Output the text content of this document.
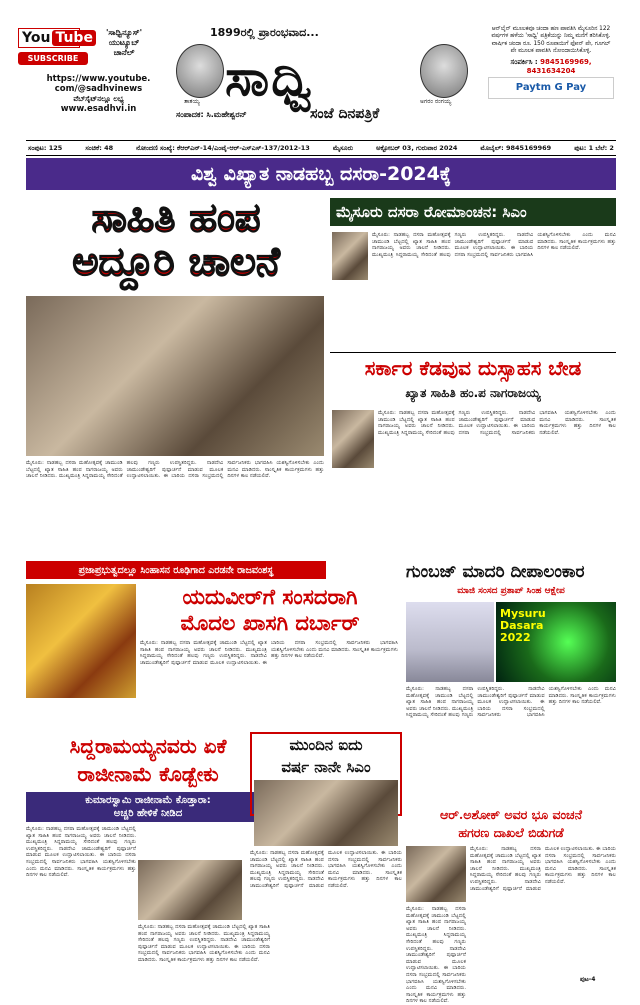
You Tube
SUBSCRIBE
'ಸಾಧ್ವಿನ್ಯೂಸ್'
ಯುಟ್ಯೂಬ್
ಚಾನೆಲ್
https://www.youtube.
com/@sadhvinews
ವೆಬ್‌ಸೈಟ್‌ನಲ್ಲೂ ಲಭ್ಯ
www.esadhvi.in
1899ರಲ್ಲಿ ಪ್ರಾರಂಭವಾದ...
ತಾತಯ್ಯ ಸಾಧ್ವಿ	ಅಗರಂ ರಂಗಯ್ಯ
ಸಂಪಾದಕ: ಸಿ.ಮಹೇಶ್ವರನ್	ಸಂಜೆ ದಿನಪತ್ರಿಕೆ
ಆನ್‌ಲೈನ್ ಮೂಲಕವೂ ಚಂದಾ ಹಣ ಪಾವತಿಸಿ ಮೈಸೂರಿನ 122 ವರ್ಷಗಳ ಹಳೆಯ 'ಸಾಧ್ವಿ' ಪತ್ರಿಕೆಯನ್ನು ನಿಮ್ಮ ಮನೆಗೆ ತರಿಸಿಕೊಳ್ಳಿ. ವಾರ್ಷಿಕ ಚಂದಾ ರೂ. 150 ರೂಪಾಯಿಗೆ ಫೋನ್ ಪೇ, ಗೂಗಲ್ ಪೇ ಮೂಲಕ ಪಾವತಿಸಿ ನೋಂದಾಯಿಸಿಕೊಳ್ಳಿ.
ಸಂಪರ್ಕಿಸಿ : 9845169969,
8431634204
Paytm G Pay
ಸಂಪುಟ: 125	ಸಂಚಿಕೆ: 48	ನೋಂದಣಿ ಸಂಖ್ಯೆ: ಕೆಆರ್‌ಎನ್-14/ಎಂವೈ-ಆರ್-ಎಸ್‌ಎಸ್-137/2012-13	ಮೈಸೂರು	ಅಕ್ಟೋಬರ್ 03, ಗುರುವಾರ 2024	ಮೊಬೈಲ್: 9845169969	ಪುಟ: 1 ಬೆಲೆ: 2
ವಿಶ್ವ ವಿಖ್ಯಾತ ನಾಡಹಬ್ಬ ದಸರಾ-2024ಕ್ಕೆ
ಸಾಹಿತಿ ಹಂಪ
ಅದ್ದೂರಿ ಚಾಲನೆ
ಮೈಸೂರು: ನಾಡಹಬ್ಬ ದಸರಾ ಮಹೋತ್ಸವಕ್ಕೆ ಚಾಮುಂಡಿ ಬೆಟ್ಟದಲ್ಲಿ ಖ್ಯಾತ ಸಾಹಿತಿ ಹಂಪ ನಾಗರಾಜಯ್ಯ ಅವರು ಚಾಲನೆ ನೀಡಿದರು. ಮುಖ್ಯಮಂತ್ರಿ ಸಿದ್ದರಾಮಯ್ಯ ಸೇರಿದಂತೆ ಹಲವು ಗಣ್ಯರು ಉಪಸ್ಥಿತರಿದ್ದರು. ನಾಡದೇವಿ ಚಾಮುಂಡೇಶ್ವರಿಗೆ ಪುಷ್ಪಾರ್ಚನೆ ಮಾಡುವ ಮೂಲಕ ಉದ್ಘಾಟಿಸಲಾಯಿತು. ಈ ಬಾರಿಯ ದಸರಾ ಸಂಭ್ರಮದಲ್ಲಿ ಸಾರ್ವಜನಿಕರು ಭಾಗವಹಿಸಿ ಯಶಸ್ವಿಗೊಳಿಸಬೇಕು ಎಂದು ಮನವಿ ಮಾಡಿದರು. ಸಾಂಸ್ಕೃತಿಕ ಕಾರ್ಯಕ್ರಮಗಳು ಹತ್ತು ದಿನಗಳ ಕಾಲ ನಡೆಯಲಿವೆ.
ಮೈಸೂರು ದಸರಾ ರೋಮಾಂಚನ: ಸಿಎಂ
ಮೈಸೂರು: ನಾಡಹಬ್ಬ ದಸರಾ ಮಹೋತ್ಸವಕ್ಕೆ ಚಾಮುಂಡಿ ಬೆಟ್ಟದಲ್ಲಿ ಖ್ಯಾತ ಸಾಹಿತಿ ಹಂಪ ನಾಗರಾಜಯ್ಯ ಅವರು ಚಾಲನೆ ನೀಡಿದರು. ಮುಖ್ಯಮಂತ್ರಿ ಸಿದ್ದರಾಮಯ್ಯ ಸೇರಿದಂತೆ ಹಲವು ಗಣ್ಯರು ಉಪಸ್ಥಿತರಿದ್ದರು. ನಾಡದೇವಿ ಚಾಮುಂಡೇಶ್ವರಿಗೆ ಪುಷ್ಪಾರ್ಚನೆ ಮಾಡುವ ಮೂಲಕ ಉದ್ಘಾಟಿಸಲಾಯಿತು. ಈ ಬಾರಿಯ ದಸರಾ ಸಂಭ್ರಮದಲ್ಲಿ ಸಾರ್ವಜನಿಕರು ಭಾಗವಹಿಸಿ ಯಶಸ್ವಿಗೊಳಿಸಬೇಕು ಎಂದು ಮನವಿ ಮಾಡಿದರು. ಸಾಂಸ್ಕೃತಿಕ ಕಾರ್ಯಕ್ರಮಗಳು ಹತ್ತು ದಿನಗಳ ಕಾಲ ನಡೆಯಲಿವೆ.
ಸರ್ಕಾರ ಕೆಡವುವ ದುಸ್ಸಾಹಸ ಬೇಡ
ಖ್ಯಾತ ಸಾಹಿತಿ ಹಂ.ಪ ನಾಗರಾಜಯ್ಯ
ಮೈಸೂರು: ನಾಡಹಬ್ಬ ದಸರಾ ಮಹೋತ್ಸವಕ್ಕೆ ಚಾಮುಂಡಿ ಬೆಟ್ಟದಲ್ಲಿ ಖ್ಯಾತ ಸಾಹಿತಿ ಹಂಪ ನಾಗರಾಜಯ್ಯ ಅವರು ಚಾಲನೆ ನೀಡಿದರು. ಮುಖ್ಯಮಂತ್ರಿ ಸಿದ್ದರಾಮಯ್ಯ ಸೇರಿದಂತೆ ಹಲವು ಗಣ್ಯರು ಉಪಸ್ಥಿತರಿದ್ದರು. ನಾಡದೇವಿ ಚಾಮುಂಡೇಶ್ವರಿಗೆ ಪುಷ್ಪಾರ್ಚನೆ ಮಾಡುವ ಮೂಲಕ ಉದ್ಘಾಟಿಸಲಾಯಿತು. ಈ ಬಾರಿಯ ದಸರಾ ಸಂಭ್ರಮದಲ್ಲಿ ಸಾರ್ವಜನಿಕರು ಭಾಗವಹಿಸಿ ಯಶಸ್ವಿಗೊಳಿಸಬೇಕು ಎಂದು ಮನವಿ ಮಾಡಿದರು. ಸಾಂಸ್ಕೃತಿಕ ಕಾರ್ಯಕ್ರಮಗಳು ಹತ್ತು ದಿನಗಳ ಕಾಲ ನಡೆಯಲಿವೆ.
ಪ್ರಜಾಪ್ರಭುತ್ವದಲ್ಲೂ ಸಿಂಹಾಸನ ರೂಢಿಗಾದ ಎರಡನೇ ರಾಜವಂಶಸ್ಥ
ಯದುವೀರ್‌ಗೆ ಸಂಸದರಾಗಿ
ಮೊದಲ ಖಾಸಗಿ ದರ್ಬಾರ್
ಮೈಸೂರು: ನಾಡಹಬ್ಬ ದಸರಾ ಮಹೋತ್ಸವಕ್ಕೆ ಚಾಮುಂಡಿ ಬೆಟ್ಟದಲ್ಲಿ ಖ್ಯಾತ ಸಾಹಿತಿ ಹಂಪ ನಾಗರಾಜಯ್ಯ ಅವರು ಚಾಲನೆ ನೀಡಿದರು. ಮುಖ್ಯಮಂತ್ರಿ ಸಿದ್ದರಾಮಯ್ಯ ಸೇರಿದಂತೆ ಹಲವು ಗಣ್ಯರು ಉಪಸ್ಥಿತರಿದ್ದರು. ನಾಡದೇವಿ ಚಾಮುಂಡೇಶ್ವರಿಗೆ ಪುಷ್ಪಾರ್ಚನೆ ಮಾಡುವ ಮೂಲಕ ಉದ್ಘಾಟಿಸಲಾಯಿತು. ಈ ಬಾರಿಯ ದಸರಾ ಸಂಭ್ರಮದಲ್ಲಿ ಸಾರ್ವಜನಿಕರು ಭಾಗವಹಿಸಿ ಯಶಸ್ವಿಗೊಳಿಸಬೇಕು ಎಂದು ಮನವಿ ಮಾಡಿದರು. ಸಾಂಸ್ಕೃತಿಕ ಕಾರ್ಯಕ್ರಮಗಳು ಹತ್ತು ದಿನಗಳ ಕಾಲ ನಡೆಯಲಿವೆ.
ಗುಂಬಜ್ ಮಾದರಿ ದೀಪಾಲಂಕಾರ
ಮಾಜಿ ಸಂಸದ ಪ್ರತಾಪ್ ಸಿಂಹ ಆಕ್ಷೇಪ
Mysuru
Dasara
2022
ಮೈಸೂರು: ನಾಡಹಬ್ಬ ದಸರಾ ಮಹೋತ್ಸವಕ್ಕೆ ಚಾಮುಂಡಿ ಬೆಟ್ಟದಲ್ಲಿ ಖ್ಯಾತ ಸಾಹಿತಿ ಹಂಪ ನಾಗರಾಜಯ್ಯ ಅವರು ಚಾಲನೆ ನೀಡಿದರು. ಮುಖ್ಯಮಂತ್ರಿ ಸಿದ್ದರಾಮಯ್ಯ ಸೇರಿದಂತೆ ಹಲವು ಗಣ್ಯರು ಉಪಸ್ಥಿತರಿದ್ದರು. ನಾಡದೇವಿ ಚಾಮುಂಡೇಶ್ವರಿಗೆ ಪುಷ್ಪಾರ್ಚನೆ ಮಾಡುವ ಮೂಲಕ ಉದ್ಘಾಟಿಸಲಾಯಿತು. ಈ ಬಾರಿಯ ದಸರಾ ಸಂಭ್ರಮದಲ್ಲಿ ಸಾರ್ವಜನಿಕರು ಭಾಗವಹಿಸಿ ಯಶಸ್ವಿಗೊಳಿಸಬೇಕು ಎಂದು ಮನವಿ ಮಾಡಿದರು. ಸಾಂಸ್ಕೃತಿಕ ಕಾರ್ಯಕ್ರಮಗಳು ಹತ್ತು ದಿನಗಳ ಕಾಲ ನಡೆಯಲಿವೆ.
ಸಿದ್ದರಾಮಯ್ಯನವರು ಏಕೆ
ರಾಜೀನಾಮೆ ಕೊಡ್ಬೇಕು
ಕುಮಾರಸ್ವಾಮಿ ರಾಜೀನಾಮೆ ಕೊಡ್ತಾರಾ:
ಅಚ್ಚರಿ ಹೇಳಿಕೆ ನೀಡಿದ
ಮೈಸೂರು: ನಾಡಹಬ್ಬ ದಸರಾ ಮಹೋತ್ಸವಕ್ಕೆ ಚಾಮುಂಡಿ ಬೆಟ್ಟದಲ್ಲಿ ಖ್ಯಾತ ಸಾಹಿತಿ ಹಂಪ ನಾಗರಾಜಯ್ಯ ಅವರು ಚಾಲನೆ ನೀಡಿದರು. ಮುಖ್ಯಮಂತ್ರಿ ಸಿದ್ದರಾಮಯ್ಯ ಸೇರಿದಂತೆ ಹಲವು ಗಣ್ಯರು ಉಪಸ್ಥಿತರಿದ್ದರು. ನಾಡದೇವಿ ಚಾಮುಂಡೇಶ್ವರಿಗೆ ಪುಷ್ಪಾರ್ಚನೆ ಮಾಡುವ ಮೂಲಕ ಉದ್ಘಾಟಿಸಲಾಯಿತು. ಈ ಬಾರಿಯ ದಸರಾ ಸಂಭ್ರಮದಲ್ಲಿ ಸಾರ್ವಜನಿಕರು ಭಾಗವಹಿಸಿ ಯಶಸ್ವಿಗೊಳಿಸಬೇಕು ಎಂದು ಮನವಿ ಮಾಡಿದರು. ಸಾಂಸ್ಕೃತಿಕ ಕಾರ್ಯಕ್ರಮಗಳು ಹತ್ತು ದಿನಗಳ ಕಾಲ ನಡೆಯಲಿವೆ.
ಮೈಸೂರು: ನಾಡಹಬ್ಬ ದಸರಾ ಮಹೋತ್ಸವಕ್ಕೆ ಚಾಮುಂಡಿ ಬೆಟ್ಟದಲ್ಲಿ ಖ್ಯಾತ ಸಾಹಿತಿ ಹಂಪ ನಾಗರಾಜಯ್ಯ ಅವರು ಚಾಲನೆ ನೀಡಿದರು. ಮುಖ್ಯಮಂತ್ರಿ ಸಿದ್ದರಾಮಯ್ಯ ಸೇರಿದಂತೆ ಹಲವು ಗಣ್ಯರು ಉಪಸ್ಥಿತರಿದ್ದರು. ನಾಡದೇವಿ ಚಾಮುಂಡೇಶ್ವರಿಗೆ ಪುಷ್ಪಾರ್ಚನೆ ಮಾಡುವ ಮೂಲಕ ಉದ್ಘಾಟಿಸಲಾಯಿತು. ಈ ಬಾರಿಯ ದಸರಾ ಸಂಭ್ರಮದಲ್ಲಿ ಸಾರ್ವಜನಿಕರು ಭಾಗವಹಿಸಿ ಯಶಸ್ವಿಗೊಳಿಸಬೇಕು ಎಂದು ಮನವಿ ಮಾಡಿದರು. ಸಾಂಸ್ಕೃತಿಕ ಕಾರ್ಯಕ್ರಮಗಳು ಹತ್ತು ದಿನಗಳ ಕಾಲ ನಡೆಯಲಿವೆ.
ಮುಂದಿನ ಐದು
ವರ್ಷ ನಾನೇ ಸಿಎಂ
ಮೈಸೂರು: ನಾಡಹಬ್ಬ ದಸರಾ ಮಹೋತ್ಸವಕ್ಕೆ ಚಾಮುಂಡಿ ಬೆಟ್ಟದಲ್ಲಿ ಖ್ಯಾತ ಸಾಹಿತಿ ಹಂಪ ನಾಗರಾಜಯ್ಯ ಅವರು ಚಾಲನೆ ನೀಡಿದರು. ಮುಖ್ಯಮಂತ್ರಿ ಸಿದ್ದರಾಮಯ್ಯ ಸೇರಿದಂತೆ ಹಲವು ಗಣ್ಯರು ಉಪಸ್ಥಿತರಿದ್ದರು. ನಾಡದೇವಿ ಚಾಮುಂಡೇಶ್ವರಿಗೆ ಪುಷ್ಪಾರ್ಚನೆ ಮಾಡುವ ಮೂಲಕ ಉದ್ಘಾಟಿಸಲಾಯಿತು. ಈ ಬಾರಿಯ ದಸರಾ ಸಂಭ್ರಮದಲ್ಲಿ ಸಾರ್ವಜನಿಕರು ಭಾಗವಹಿಸಿ ಯಶಸ್ವಿಗೊಳಿಸಬೇಕು ಎಂದು ಮನವಿ ಮಾಡಿದರು. ಸಾಂಸ್ಕೃತಿಕ ಕಾರ್ಯಕ್ರಮಗಳು ಹತ್ತು ದಿನಗಳ ಕಾಲ ನಡೆಯಲಿವೆ.
ಆರ್.ಅಶೋಕ್ ಅವರ ಭೂ ವಂಚನೆ
ಹಗರಣ ದಾಖಲೆ ಬಿಡುಗಡೆ
ಮೈಸೂರು: ನಾಡಹಬ್ಬ ದಸರಾ ಮಹೋತ್ಸವಕ್ಕೆ ಚಾಮುಂಡಿ ಬೆಟ್ಟದಲ್ಲಿ ಖ್ಯಾತ ಸಾಹಿತಿ ಹಂಪ ನಾಗರಾಜಯ್ಯ ಅವರು ಚಾಲನೆ ನೀಡಿದರು. ಮುಖ್ಯಮಂತ್ರಿ ಸಿದ್ದರಾಮಯ್ಯ ಸೇರಿದಂತೆ ಹಲವು ಗಣ್ಯರು ಉಪಸ್ಥಿತರಿದ್ದರು. ನಾಡದೇವಿ ಚಾಮುಂಡೇಶ್ವರಿಗೆ ಪುಷ್ಪಾರ್ಚನೆ ಮಾಡುವ ಮೂಲಕ ಉದ್ಘಾಟಿಸಲಾಯಿತು. ಈ ಬಾರಿಯ ದಸರಾ ಸಂಭ್ರಮದಲ್ಲಿ ಸಾರ್ವಜನಿಕರು ಭಾಗವಹಿಸಿ ಯಶಸ್ವಿಗೊಳಿಸಬೇಕು ಎಂದು ಮನವಿ ಮಾಡಿದರು. ಸಾಂಸ್ಕೃತಿಕ ಕಾರ್ಯಕ್ರಮಗಳು ಹತ್ತು ದಿನಗಳ ಕಾಲ ನಡೆಯಲಿವೆ.
ಮೈಸೂರು: ನಾಡಹಬ್ಬ ದಸರಾ ಮಹೋತ್ಸವಕ್ಕೆ ಚಾಮುಂಡಿ ಬೆಟ್ಟದಲ್ಲಿ ಖ್ಯಾತ ಸಾಹಿತಿ ಹಂಪ ನಾಗರಾಜಯ್ಯ ಅವರು ಚಾಲನೆ ನೀಡಿದರು. ಮುಖ್ಯಮಂತ್ರಿ ಸಿದ್ದರಾಮಯ್ಯ ಸೇರಿದಂತೆ ಹಲವು ಗಣ್ಯರು ಉಪಸ್ಥಿತರಿದ್ದರು. ನಾಡದೇವಿ ಚಾಮುಂಡೇಶ್ವರಿಗೆ ಪುಷ್ಪಾರ್ಚನೆ ಮಾಡುವ ಮೂಲಕ ಉದ್ಘಾಟಿಸಲಾಯಿತು. ಈ ಬಾರಿಯ ದಸರಾ ಸಂಭ್ರಮದಲ್ಲಿ ಸಾರ್ವಜನಿಕರು ಭಾಗವಹಿಸಿ ಯಶಸ್ವಿಗೊಳಿಸಬೇಕು ಎಂದು ಮನವಿ ಮಾಡಿದರು. ಸಾಂಸ್ಕೃತಿಕ ಕಾರ್ಯಕ್ರಮಗಳು ಹತ್ತು ದಿನಗಳ ಕಾಲ ನಡೆಯಲಿವೆ.
ಪುಟ-4
